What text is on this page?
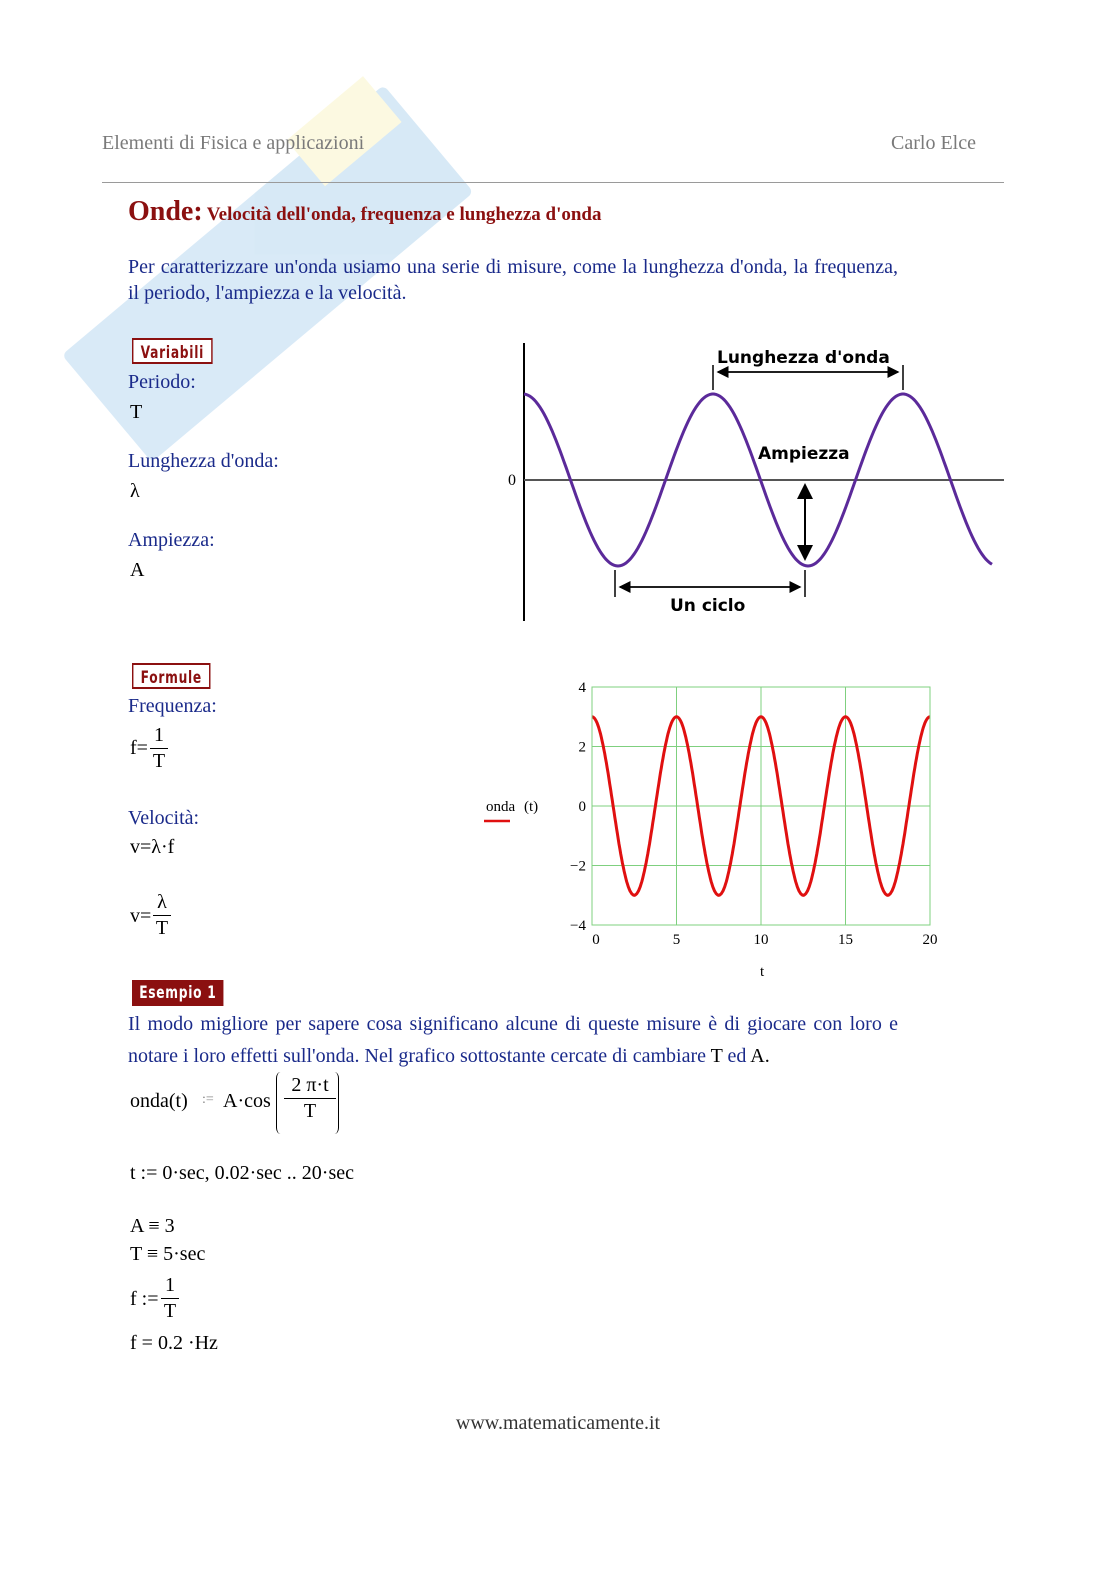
Elementi di Fisica e applicazioni	Carlo Elce
Onde: Velocità dell'onda, frequenza e lunghezza d'onda
Per caratterizzare un'onda usiamo una serie di misure, come la lunghezza d'onda, la frequenza, il periodo, l'ampiezza e la velocità.
Variabili
Periodo:
T
Lunghezza d'onda:
λ
Ampiezza:
A
0
Lunghezza d'onda
Ampiezza
Un ciclo
Formule
Frequenza:
f=
1
T
Velocità:
v=λ·f
v=
λ
T
4
2
0
−2
−4
0	5	10	15	20
onda (t)
t
Esempio 1
Il modo migliore per sapere cosa significano alcune di queste misure è di giocare con loro e notare i loro effetti sull'onda. Nel grafico sottostante cercate di cambiare T ed A.
onda(t) := A·cos
2 π·t
T
t := 0·sec, 0.02·sec .. 20·sec
A ≡ 3
T ≡ 5·sec
f :=
1
T
f = 0.2 ·Hz
www.matematicamente.it
